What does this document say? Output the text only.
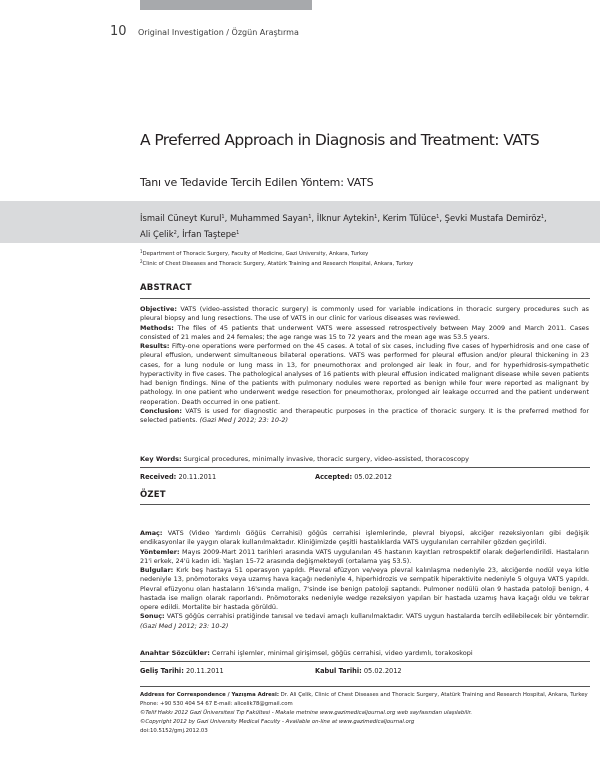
10 Original Investigation / Özgün Araştırma
A Preferred Approach in Diagnosis and Treatment: VATS
Tanı ve Tedavide Tercih Edilen Yöntem: VATS
İsmail Cüneyt Kurul$^1$, Muhammed Sayan$^1$, İlknur Aytekin$^1$, Kerim Tülüce$^1$, Şevki Mustafa Demiröz$^1$,
Ali Çelik$^2$, İrfan Taştepe$^1$
$^1$Department of Thoracic Surgery, Faculty of Medicine, Gazi University, Ankara, Turkey
$^2$Clinic of Chest Diseases and Thoracic Surgery, Atatürk Training and Research Hospital, Ankara, Turkey
ABSTRACT
Objective: VATS (video-assisted thoracic surgery) is commonly used for variable indications in thoracic surgery procedures such as pleural biopsy and lung resections. The use of VATS in our clinic for various diseases was reviewed.
Methods: The files of 45 patients that underwent VATS were assessed retrospectively between May 2009 and March 2011. Cases consisted of 21 males and 24 females; the age range was 15 to 72 years and the mean age was 53.5 years.
Results: Fifty-one operations were performed on the 45 cases. A total of six cases, including five cases of hyperhidrosis and one case of pleural effusion, underwent simultaneous bilateral operations. VATS was performed for pleural effusion and/or pleural thickening in 23 cases, for a lung nodule or lung mass in 13, for pneumothorax and prolonged air leak in four, and for hyperhidrosis-sympathetic hyperactivity in five cases. The pathological analyses of 16 patients with pleural effusion indicated malignant disease while seven patients had benign findings. Nine of the patients with pulmonary nodules were reported as benign while four were reported as malignant by pathology. In one patient who underwent wedge resection for pneumothorax, prolonged air leakage occurred and the patient underwent reoperation. Death occurred in one patient.
Conclusion: VATS is used for diagnostic and therapeutic purposes in the practice of thoracic surgery. It is the preferred method for selected patients. (Gazi Med J 2012; 23: 10-2)
Key Words: Surgical procedures, minimally invasive, thoracic surgery, video-assisted, thoracoscopy
Received: 20.11.2011	Accepted: 05.02.2012
ÖZET
Amaç: VATS (Video Yardımlı Göğüs Cerrahisi) göğüs cerrahisi işlemlerinde, plevral biyopsi, akciğer rezeksiyonları gibi değişik endikasyonlar ile yaygın olarak kullanılmaktadır. Kliniğimizde çeşitli hastalıklarda VATS uygulanılan cerrahiler gözden geçirildi.
Yöntemler: Mayıs 2009-Mart 2011 tarihleri arasında VATS uygulanılan 45 hastanın kayıtları retrospektif olarak değerlendirildi. Hastaların 21'i erkek, 24'ü kadın idi. Yaşları 15-72 arasında değişmekteydi (ortalama yaş 53.5).
Bulgular: Kırk beş hastaya 51 operasyon yapıldı. Plevral efüzyon ve/veya plevral kalınlaşma nedeniyle 23, akciğerde nodül veya kitle nedeniyle 13, pnömotoraks veya uzamış hava kaçağı nedeniyle 4, hiperhidrozis ve sempatik hiperaktivite nedeniyle 5 olguya VATS yapıldı. Plevral efüzyonu olan hastaların 16'sında malign, 7'sinde ise benign patoloji saptandı. Pulmoner nodülü olan 9 hastada patoloji benign, 4 hastada ise malign olarak raporlandı. Pnömotoraks nedeniyle wedge rezeksiyon yapılan bir hastada uzamış hava kaçağı oldu ve tekrar opere edildi. Mortalite bir hastada görüldü.
Sonuç: VATS göğüs cerrahisi pratiğinde tanısal ve tedavi amaçlı kullanılmaktadır. VATS uygun hastalarda tercih edilebilecek bir yöntemdir. (Gazi Med J 2012; 23: 10-2)
Anahtar Sözcükler: Cerrahi işlemler, minimal girişimsel, göğüs cerrahisi, video yardımlı, torakoskopi
Geliş Tarihi: 20.11.2011	Kabul Tarihi: 05.02.2012
Address for Correspondence / Yazışma Adresi: Dr. Ali Çelik, Clinic of Chest Diseases and Thoracic Surgery, Atatürk Training and Research Hospital, Ankara, Turkey Phone: +90 530 404 54 67 E-mail: alicelik78@gmail.com
©Telif Hakkı 2012 Gazi Üniversitesi Tıp Fakültesi - Makale metnine www.gazimedicaljournal.org web sayfasından ulaşılabilir.
©Copyright 2012 by Gazi University Medical Faculty - Available on-line at www.gazimedicaljournal.org
doi:10.5152/gmj.2012.03
